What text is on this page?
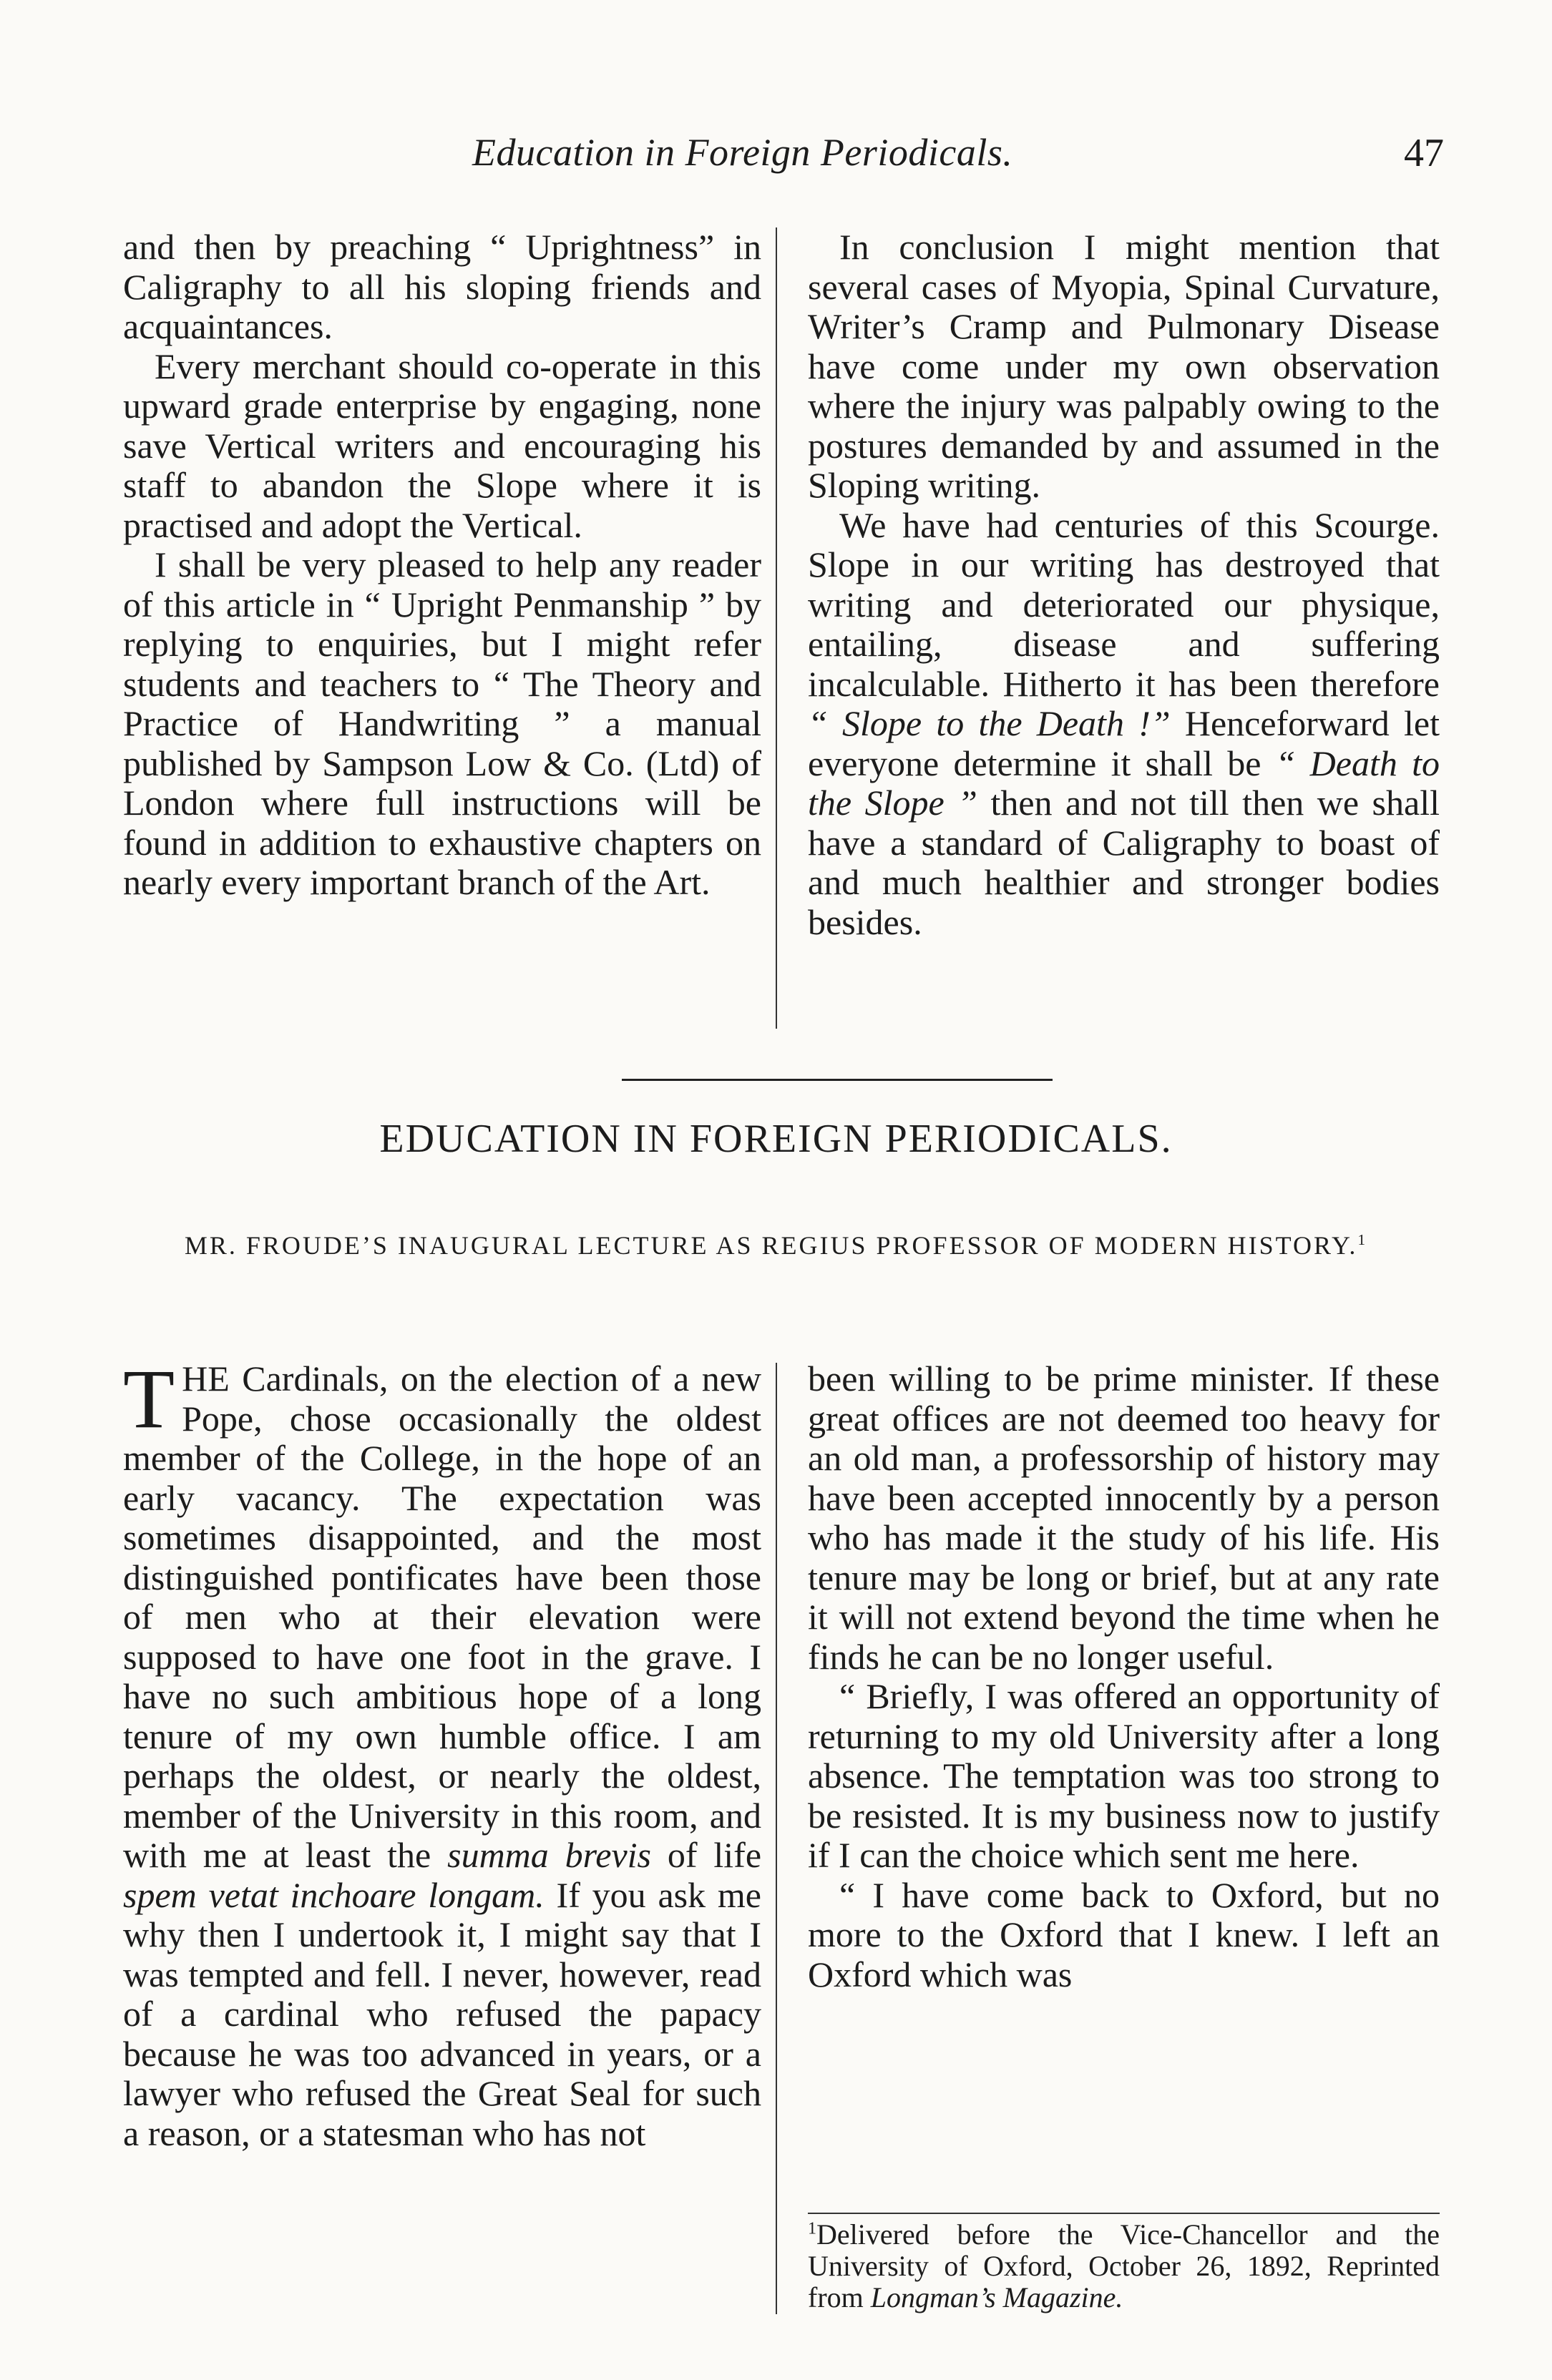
Education in Foreign Periodicals.	47

and then by preaching “ Uprightness” in Caligraphy to all his sloping friends and acquaintances.

Every merchant should co-operate in this upward grade enterprise by engaging, none save Vertical writers and encouraging his staff to abandon the Slope where it is practised and adopt the Vertical.

I shall be very pleased to help any reader of this article in “ Upright Penmanship ” by replying to enquiries, but I might refer students and teachers to “ The Theory and Practice of Handwriting ” a manual published by Sampson Low & Co. (Ltd) of London where full instructions will be found in addition to exhaustive chapters on nearly every important branch of the Art.

In conclusion I might mention that several cases of Myopia, Spinal Curvature, Writer’s Cramp and Pulmonary Disease have come under my own observation where the injury was palpably owing to the postures demanded by and assumed in the Sloping writing.

We have had centuries of this Scourge. Slope in our writing has destroyed that writing and deteriorated our physique, entailing, disease and suffering incalculable. Hitherto it has been therefore “ Slope to the Death !” Henceforward let everyone determine it shall be “ Death to the Slope ” then and not till then we shall have a standard of Caligraphy to boast of and much healthier and stronger bodies besides.

EDUCATION IN FOREIGN PERIODICALS.
MR. FROUDE’S INAUGURAL LECTURE AS REGIUS PROFESSOR OF MODERN HISTORY.$^1$

THE Cardinals, on the election of a new Pope, chose occasionally the oldest member of the College, in the hope of an early vacancy. The expectation was sometimes disappointed, and the most distinguished pontificates have been those of men who at their elevation were supposed to have one foot in the grave. I have no such ambitious hope of a long tenure of my own humble office. I am perhaps the oldest, or nearly the oldest, member of the University in this room, and with me at least the summa brevis of life spem vetat inchoare longam. If you ask me why then I undertook it, I might say that I was tempted and fell. I never, however, read of a cardinal who refused the papacy because he was too advanced in years, or a lawyer who refused the Great Seal for such a reason, or a statesman who has not

been willing to be prime minister. If these great offices are not deemed too heavy for an old man, a professorship of history may have been accepted innocently by a person who has made it the study of his life. His tenure may be long or brief, but at any rate it will not extend beyond the time when he finds he can be no longer useful.

“ Briefly, I was offered an opportunity of returning to my old University after a long absence. The temptation was too strong to be resisted. It is my business now to justify if I can the choice which sent me here.

“ I have come back to Oxford, but no more to the Oxford that I knew. I left an Oxford which was

$^1$Delivered before the Vice-Chancellor and the University of Oxford, October 26, 1892, Reprinted from Longman’s Magazine.
